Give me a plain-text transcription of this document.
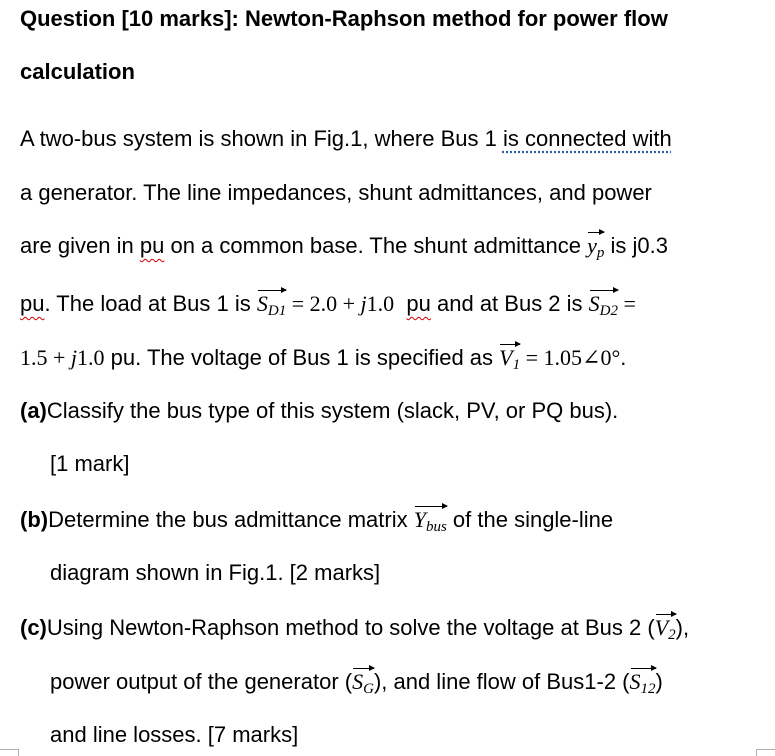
Question [10 marks]: Newton-Raphson method for power flow
calculation
A two-bus system is shown in Fig.1, where Bus 1 is connected with
a generator. The line impedances, shunt admittances, and power
are given in pu on a common base. The shunt admittance $y_p$ is j0.3
pu. The load at Bus 1 is $S_{D1} = 2.0 + j1.0$ pu and at Bus 2 is $S_{D2}$ =
1.5 + j1.0 pu. The voltage of Bus 1 is specified as $V_1$ = 1.05∠0°.
(a)Classify the bus type of this system (slack, PV, or PQ bus).
[1 mark]
(b)Determine the bus admittance matrix $Y_{bus}$ of the single-line
diagram shown in Fig.1. [2 marks]
(c)Using Newton-Raphson method to solve the voltage at Bus 2 $(V_2)$,
power output of the generator $(S_G)$, and line flow of Bus1-2 $(S_{12})$
and line losses. [7 marks]
